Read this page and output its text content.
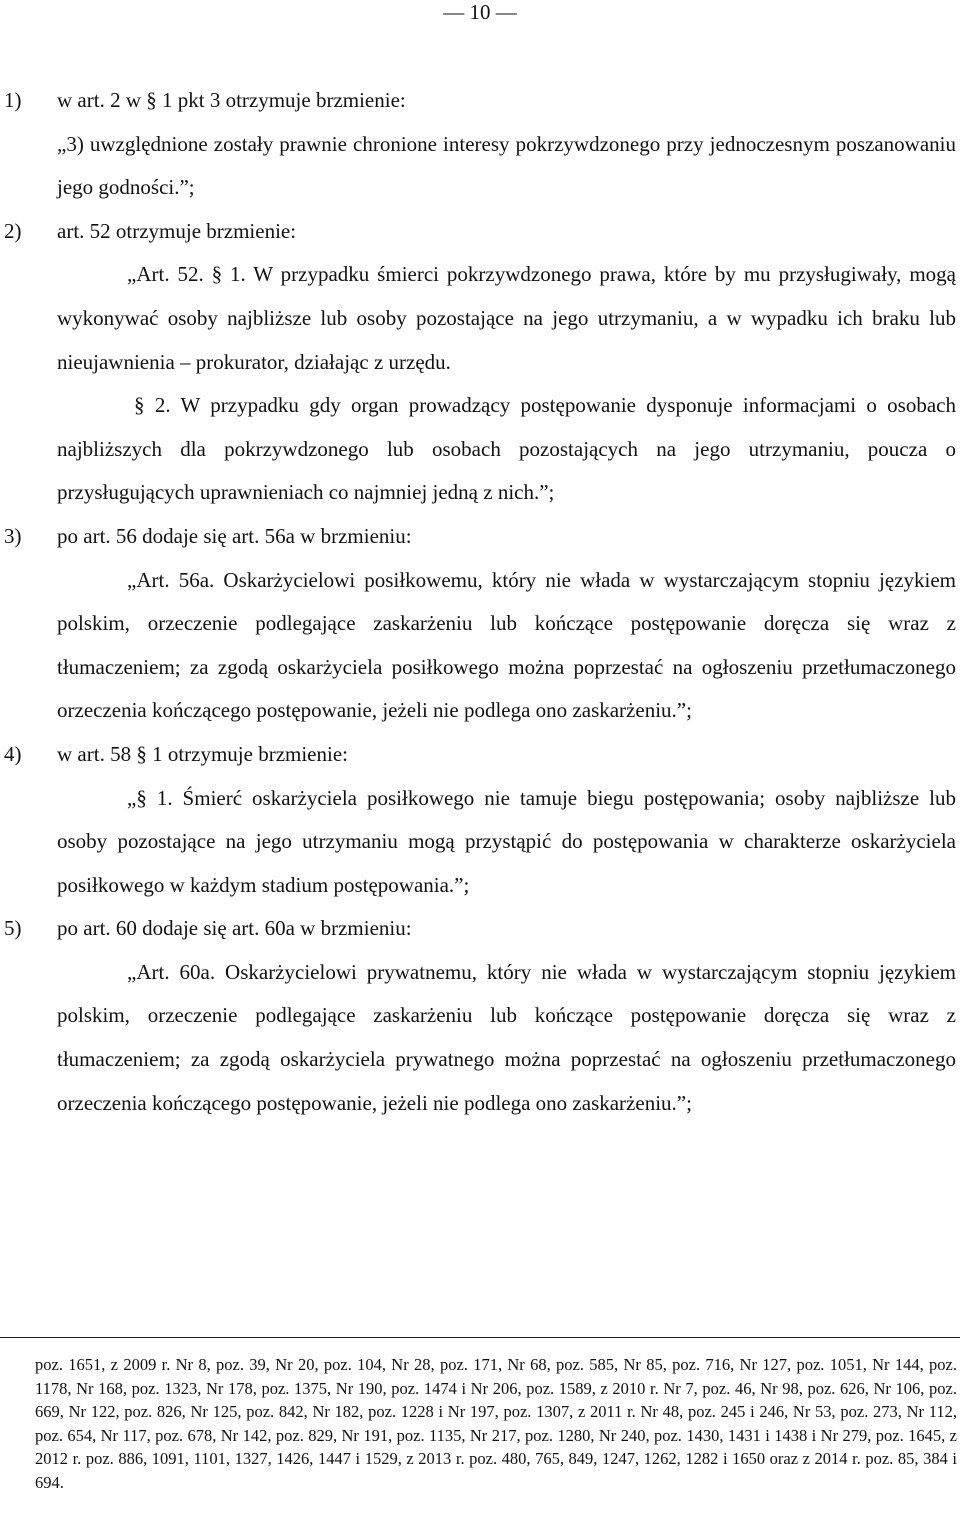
— 10 —
1) w art. 2 w § 1 pkt 3 otrzymuje brzmienie:
„3) uwzględnione zostały prawnie chronione interesy pokrzywdzonego przy jednoczesnym poszanowaniu jego godności.”;
2) art. 52 otrzymuje brzmienie:
„Art. 52. § 1. W przypadku śmierci pokrzywdzonego prawa, które by mu przysługiwały, mogą wykonywać osoby najbliższe lub osoby pozostające na jego utrzymaniu, a w wypadku ich braku lub nieujawnienia – prokurator, działając z urzędu.
§ 2. W przypadku gdy organ prowadzący postępowanie dysponuje informacjami o osobach najbliższych dla pokrzywdzonego lub osobach pozostających na jego utrzymaniu, poucza o przysługujących uprawnieniach co najmniej jedną z nich.”;
3) po art. 56 dodaje się art. 56a w brzmieniu:
„Art. 56a. Oskarżycielowi posiłkowemu, który nie włada w wystarczającym stopniu językiem polskim, orzeczenie podlegające zaskarżeniu lub kończące postępowanie doręcza się wraz z tłumaczeniem; za zgodą oskarżyciela posiłkowego można poprzestać na ogłoszeniu przetłumaczonego orzeczenia kończącego postępowanie, jeżeli nie podlega ono zaskarżeniu.”;
4) w art. 58 § 1 otrzymuje brzmienie:
„§ 1. Śmierć oskarżyciela posiłkowego nie tamuje biegu postępowania; osoby najbliższe lub osoby pozostające na jego utrzymaniu mogą przystąpić do postępowania w charakterze oskarżyciela posiłkowego w każdym stadium postępowania.”;
5) po art. 60 dodaje się art. 60a w brzmieniu:
„Art. 60a. Oskarżycielowi prywatnemu, który nie włada w wystarczającym stopniu językiem polskim, orzeczenie podlegające zaskarżeniu lub kończące postępowanie doręcza się wraz z tłumaczeniem; za zgodą oskarżyciela prywatnego można poprzestać na ogłoszeniu przetłumaczonego orzeczenia kończącego postępowanie, jeżeli nie podlega ono zaskarżeniu.”;
poz. 1651, z 2009 r. Nr 8, poz. 39, Nr 20, poz. 104, Nr 28, poz. 171, Nr 68, poz. 585, Nr 85, poz. 716, Nr 127, poz. 1051, Nr 144, poz. 1178, Nr 168, poz. 1323, Nr 178, poz. 1375, Nr 190, poz. 1474 i Nr 206, poz. 1589, z 2010 r. Nr 7, poz. 46, Nr 98, poz. 626, Nr 106, poz. 669, Nr 122, poz. 826, Nr 125, poz. 842, Nr 182, poz. 1228 i Nr 197, poz. 1307, z 2011 r. Nr 48, poz. 245 i 246, Nr 53, poz. 273, Nr 112, poz. 654, Nr 117, poz. 678, Nr 142, poz. 829, Nr 191, poz. 1135, Nr 217, poz. 1280, Nr 240, poz. 1430, 1431 i 1438 i Nr 279, poz. 1645, z 2012 r. poz. 886, 1091, 1101, 1327, 1426, 1447 i 1529, z 2013 r. poz. 480, 765, 849, 1247, 1262, 1282 i 1650 oraz z 2014 r. poz. 85, 384 i 694.
